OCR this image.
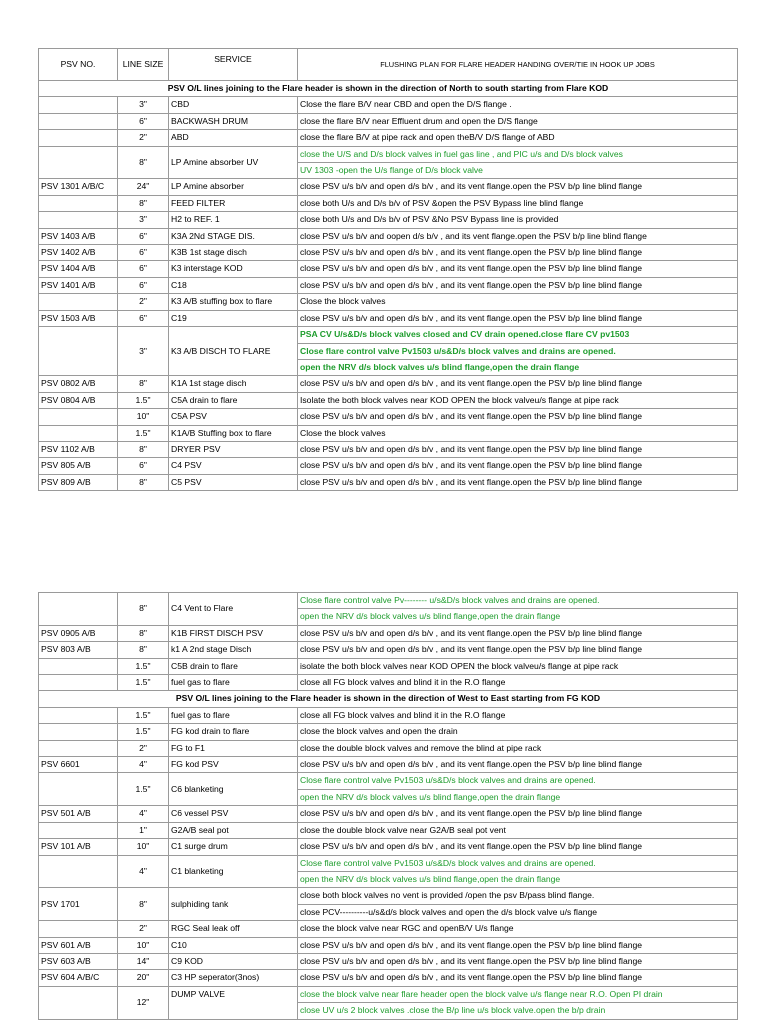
PSV NO.	LINE SIZE	SERVICE	FLUSHING PLAN FOR FLARE HEADER HANDING OVER/TIE IN HOOK UP JOBS
PSV O/L lines joining to the Flare header is shown in the direction of North to south starting from Flare KOD			
	3"	CBD	Close the flare B/V near CBD and open the D/S flange .
	6"	BACKWASH DRUM	close the flare B/V near Effluent drum and open the D/S flange
	2"	ABD	close the flare B/V at pipe rack and open theB/V D/S flange of ABD
	8"	LP Amine absorber UV	close the U/S and D/s block valves in fuel gas line , and PIC u/s and D/s block valves
			UV 1303 -open the U/s flange of D/s block valve
PSV 1301 A/B/C	24"	LP Amine absorber	close PSV u/s b/v and open d/s b/v , and its vent flange.open the PSV b/p line blind flange
	8"	FEED FILTER	close both U/s and D/s b/v of PSV &open the PSV Bypass line blind flange
	3"	H2 to REF. 1	close both U/s and D/s b/v of PSV &No PSV Bypass line is provided
PSV 1403 A/B	6"	K3A 2Nd STAGE DIS.	close PSV u/s b/v and oopen d/s b/v , and its vent flange.open the PSV b/p line blind flange
PSV 1402 A/B	6"	K3B 1st stage disch	close PSV u/s b/v and open d/s b/v , and its vent flange.open the PSV b/p line blind flange
PSV 1404 A/B	6"	K3 interstage KOD	close PSV u/s b/v and open d/s b/v , and its vent flange.open the PSV b/p line blind flange
PSV 1401 A/B	6"	C18	close PSV u/s b/v and open d/s b/v , and its vent flange.open the PSV b/p line blind flange
	2"	K3 A/B stuffing box to flare	Close the block valves
PSV 1503 A/B	6"	C19	close PSV u/s b/v and open d/s b/v , and its vent flange.open the PSV b/p line blind flange
	3"	K3 A/B DISCH TO FLARE	PSA CV U/s&D/s block valves closed and CV drain opened.close flare CV pv1503
			Close flare control valve Pv1503 u/s&D/s block valves and drains are opened.
			open the NRV d/s block valves u/s blind flange,open the drain flange
PSV 0802 A/B	8"	K1A 1st stage disch	close PSV u/s b/v and open d/s b/v , and its vent flange.open the PSV b/p line blind flange
PSV 0804 A/B	1.5"	C5A drain to flare	Isolate the both block valves near KOD OPEN the block valveu/s flange at pipe rack
	10"	C5A PSV	close PSV u/s b/v and open d/s b/v , and its vent flange.open the PSV b/p line blind flange
	1.5"	K1A/B Stuffing box to flare	Close the block valves
PSV 1102 A/B	8"	DRYER PSV	close PSV u/s b/v and open d/s b/v , and its vent flange.open the PSV b/p line blind flange
PSV 805 A/B	6"	C4 PSV	close PSV u/s b/v and open d/s b/v , and its vent flange.open the PSV b/p line blind flange
PSV 809 A/B	8"	C5 PSV	close PSV u/s b/v and open d/s b/v , and its vent flange.open the PSV b/p line blind flange
	8"	C4 Vent to Flare	Close flare control valve Pv-------- u/s&D/s block valves and drains are opened.
			open the NRV d/s block valves u/s blind flange,open the drain flange
PSV 0905 A/B	8"	K1B FIRST DISCH PSV	close PSV u/s b/v and open d/s b/v , and its vent flange.open the PSV b/p line blind flange
PSV 803 A/B	8"	k1 A 2nd stage Disch	close PSV u/s b/v and open d/s b/v , and its vent flange.open the PSV b/p line blind flange
	1.5"	C5B drain to flare	isolate the both block valves near KOD OPEN the block valveu/s flange at pipe rack
	1.5"	fuel gas to flare	close all FG block valves and blind it in the R.O flange
PSV O/L lines joining to the Flare header is shown in the direction of West to East starting from FG KOD			
	1.5"	fuel gas to flare	close all FG block valves and blind it in the R.O flange
	1.5"	FG kod drain to flare	close the block valves and open the drain
	2"	FG to F1	close the double block valves and remove the blind at pipe rack
PSV 6601	4"	FG kod PSV	close PSV u/s b/v and open d/s b/v , and its vent flange.open the PSV b/p line blind flange
	1.5"	C6 blanketing	Close flare control valve Pv1503 u/s&D/s block valves and drains are opened.
			open the NRV d/s block valves u/s blind flange,open the drain flange
PSV 501 A/B	4"	C6 vessel PSV	close PSV u/s b/v and open d/s b/v , and its vent flange.open the PSV b/p line blind flange
	1"	G2A/B seal pot	close the double block valve near G2A/B seal pot vent
PSV 101 A/B	10"	C1 surge drum	close PSV u/s b/v and open d/s b/v , and its vent flange.open the PSV b/p line blind flange
	4"	C1 blanketing	Close flare control valve Pv1503 u/s&D/s block valves and drains are opened.
			open the NRV d/s block valves u/s blind flange,open the drain flange
PSV 1701	8"	sulphiding tank	close both block valves no vent is provided /open the psv B/pass blind flange.
			close PCV----------u/s&d/s block valves and open the d/s block valve u/s flange
	2"	RGC Seal leak off	close the block valve near RGC and openB/V U/s flange
PSV 601 A/B	10"	C10	close PSV u/s b/v and open d/s b/v , and its vent flange.open the PSV b/p line blind flange
PSV 603 A/B	14"	C9 KOD	close PSV u/s b/v and open d/s b/v , and its vent flange.open the PSV b/p line blind flange
PSV 604 A/B/C	20"	C3 HP seperator(3nos)	close PSV u/s b/v and open d/s b/v , and its vent flange.open the PSV b/p line blind flange
	12"	DUMP VALVE	close the block valve near flare header open the block valve u/s flange near R.O. Open PI drain
			close UV u/s 2 block valves .close the B/p line u/s block valve.open the b/p drain
